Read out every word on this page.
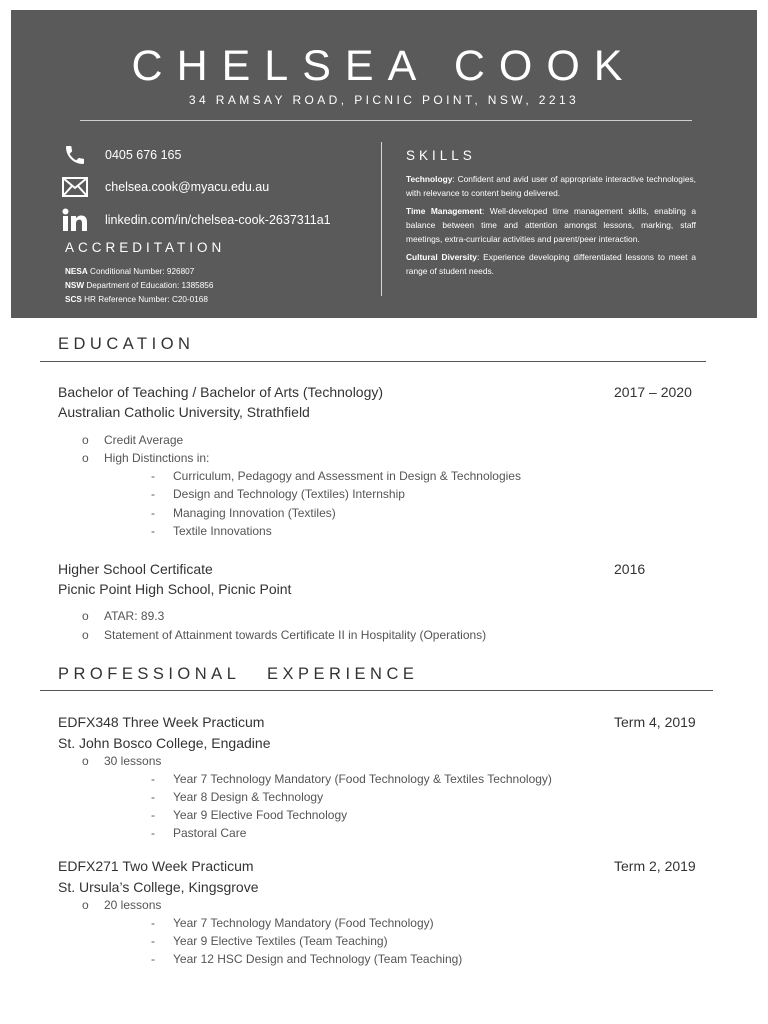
CHELSEA COOK
34 RAMSAY ROAD, PICNIC POINT, NSW, 2213
0405 676 165
chelsea.cook@myacu.edu.au
linkedin.com/in/chelsea-cook-2637311a1
ACCREDITATION
NESA Conditional Number: 926807
NSW Department of Education: 1385856
SCS HR Reference Number: C20-0168
SKILLS

Technology: Confident and avid user of appropriate interactive technologies, with relevance to content being delivered.

Time Management: Well-developed time management skills, enabling a balance between time and attention amongst lessons, marking, staff meetings, extra-curricular activities and parent/peer interaction.

Cultural Diversity: Experience developing differentiated lessons to meet a range of student needs.

EDUCATION
Bachelor of Teaching / Bachelor of Arts (Technology)	2017 – 2020
Australian Catholic University, Strathfield
o Credit Average
o High Distinctions in:
- Curriculum, Pedagogy and Assessment in Design & Technologies
- Design and Technology (Textiles) Internship
- Managing Innovation (Textiles)
- Textile Innovations
Higher School Certificate	2016
Picnic Point High School, Picnic Point
o ATAR: 89.3
o Statement of Attainment towards Certificate II in Hospitality (Operations)
PROFESSIONAL   EXPERIENCE
EDFX348 Three Week Practicum	Term 4, 2019
St. John Bosco College, Engadine
o 30 lessons
- Year 7 Technology Mandatory (Food Technology & Textiles Technology)
- Year 8 Design & Technology
- Year 9 Elective Food Technology
- Pastoral Care
EDFX271 Two Week Practicum	Term 2, 2019
St. Ursula’s College, Kingsgrove
o 20 lessons
- Year 7 Technology Mandatory (Food Technology)
- Year 9 Elective Textiles (Team Teaching)
- Year 12 HSC Design and Technology (Team Teaching)
